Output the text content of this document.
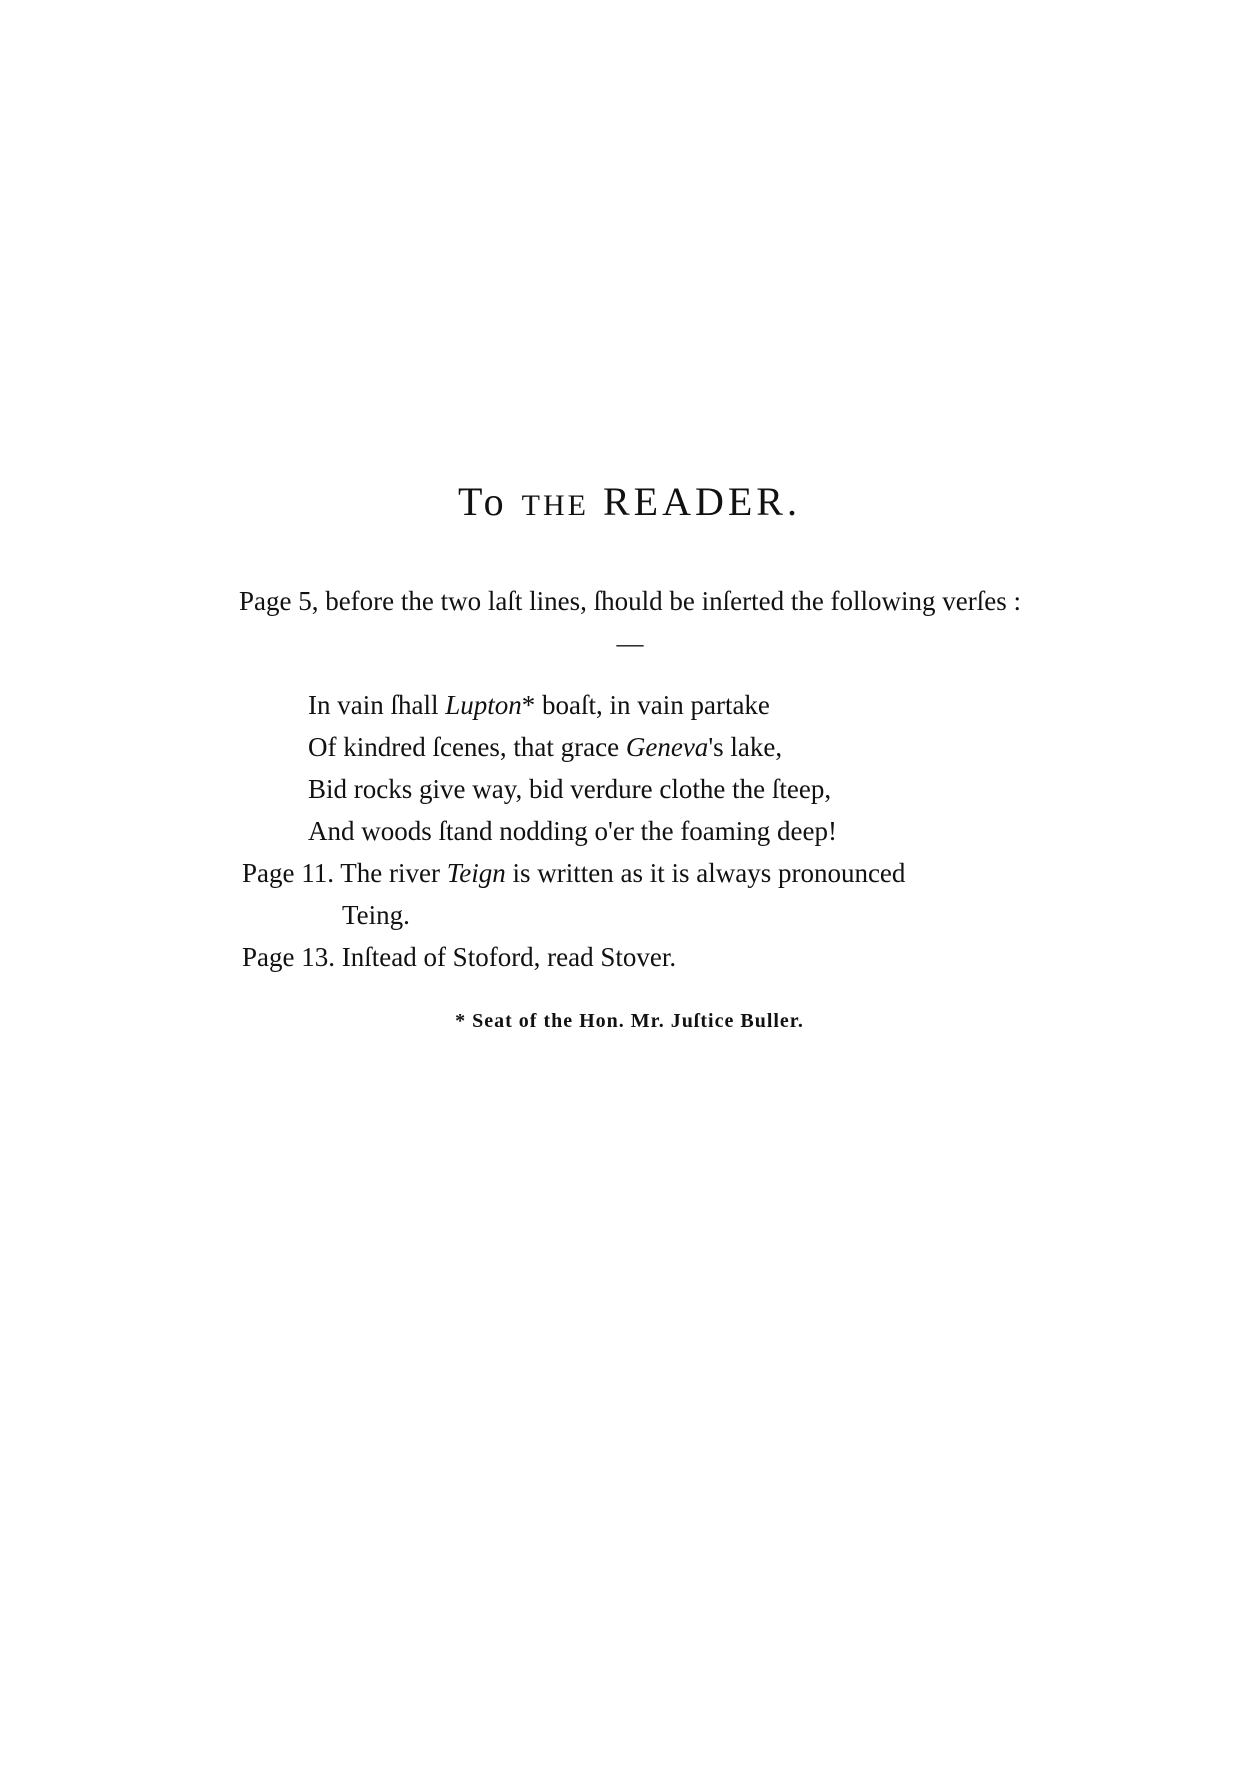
To THE READER.
Page 5, before the two laſt lines, ſhould be inſerted the following verſes :—
In vain ſhall Lupton* boaſt, in vain partake
Of kindred ſcenes, that grace Geneva's lake,
Bid rocks give way, bid verdure clothe the ſteep,
And woods ſtand nodding o'er the foaming deep!
Page 11. The river Teign is written as it is always pronounced
Teing.
Page 13. Inſtead of Stoford, read Stover.
* Seat of the Hon. Mr. Juſtice Buller.
